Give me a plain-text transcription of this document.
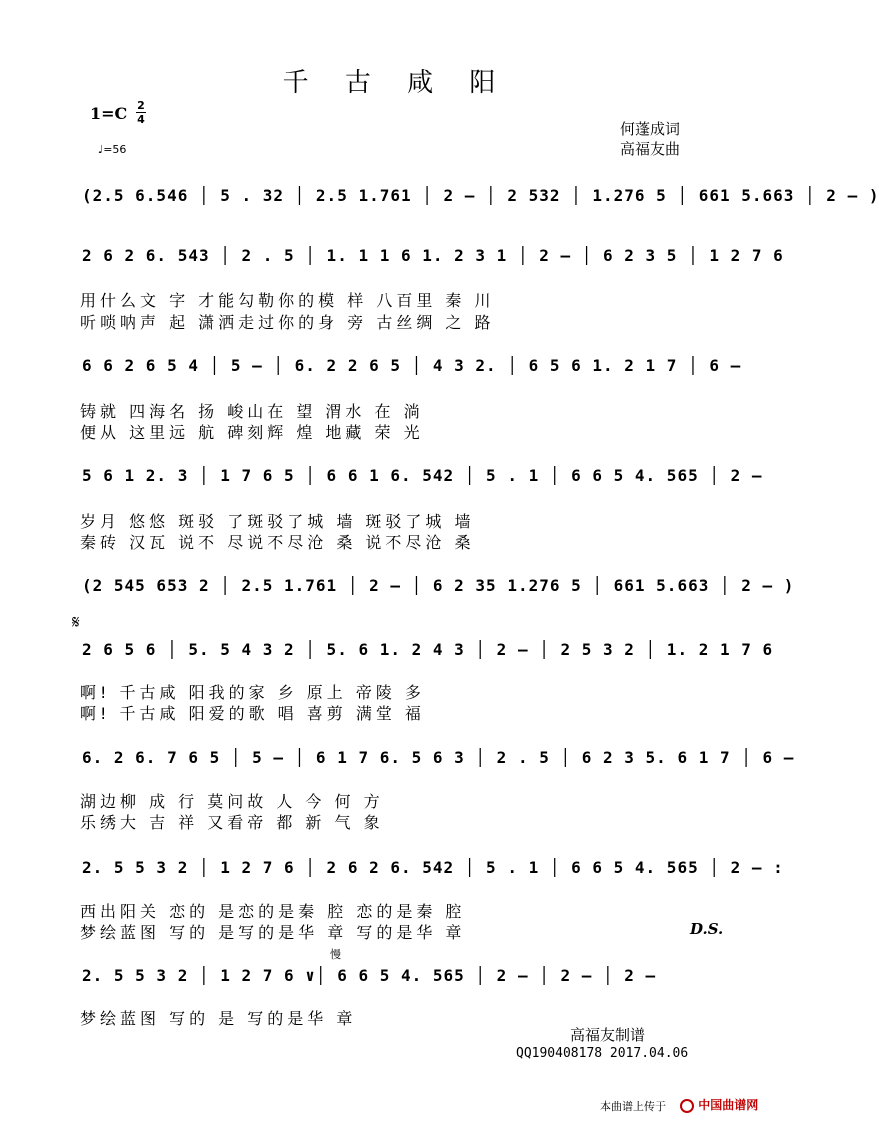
千 古 咸 阳
1=C 2
4
♩=56
何蓬成词
高福友曲
(2.5 6.546 │ 5 . 32 │ 2.5 1.761 │ 2 – │ 2 532 │ 1.276 5 │ 661 5.663 │ 2 – )
2 6 2 6. 543 │ 2 . 5 │ 1. 1 1 6 1. 2 3 1 │ 2 – │ 6 2 3 5 │ 1 2 7 6
用什么文 字 才能勾勒你的模 样 八百里 秦 川
听唢呐声 起 潇洒走过你的身 旁 古丝绸 之 路
6 6 2 6 5 4 │ 5 – │ 6. 2 2 6 5 │ 4 3 2. │ 6 5 6 1. 2 1 7 │ 6 –
铸就 四海名 扬 峻山在 望 渭水 在 淌
便从 这里远 航 碑刻辉 煌 地藏 荣 光
5 6 1 2. 3 │ 1 7 6 5 │ 6 6 1 6. 542 │ 5 . 1 │ 6 6 5 4. 565 │ 2 –
岁月 悠悠 斑驳 了斑驳了城 墙 斑驳了城 墙
秦砖 汉瓦 说不 尽说不尽沧 桑 说不尽沧 桑
(2 545 653 2 │ 2.5 1.761 │ 2 – │ 6 2 35 1.276 5 │ 661 5.663 │ 2 – )
𝄋
2 6 5 6 │ 5. 5 4 3 2 │ 5. 6 1. 2 4 3 │ 2 – │ 2 5 3 2 │ 1. 2 1 7 6
啊! 千古咸 阳我的家 乡 原上 帝陵 多
啊! 千古咸 阳爱的歌 唱 喜剪 满堂 福
6. 2 6. 7 6 5 │ 5 – │ 6 1 7 6. 5 6 3 │ 2 . 5 │ 6 2 3 5. 6 1 7 │ 6 –
湖边柳 成 行 莫问故 人 今 何 方
乐绣大 吉 祥 又看帝 都 新 气 象
2. 5 5 3 2 │ 1 2 7 6 │ 2 6 2 6. 542 │ 5 . 1 │ 6 6 5 4. 565 │ 2 – :
西出阳关 恋的 是恋的是秦 腔 恋的是秦 腔
梦绘蓝图 写的 是写的是华 章 写的是华 章	D.S.
慢
2. 5 5 3 2 │ 1 2 7 6 ∨│ 6 6 5 4. 565 │ 2 – │ 2 – │ 2 –
梦绘蓝图 写的 是 写的是华 章
高福友制谱
QQ190408178 2017.04.06
本曲谱上传于	中国曲谱网
